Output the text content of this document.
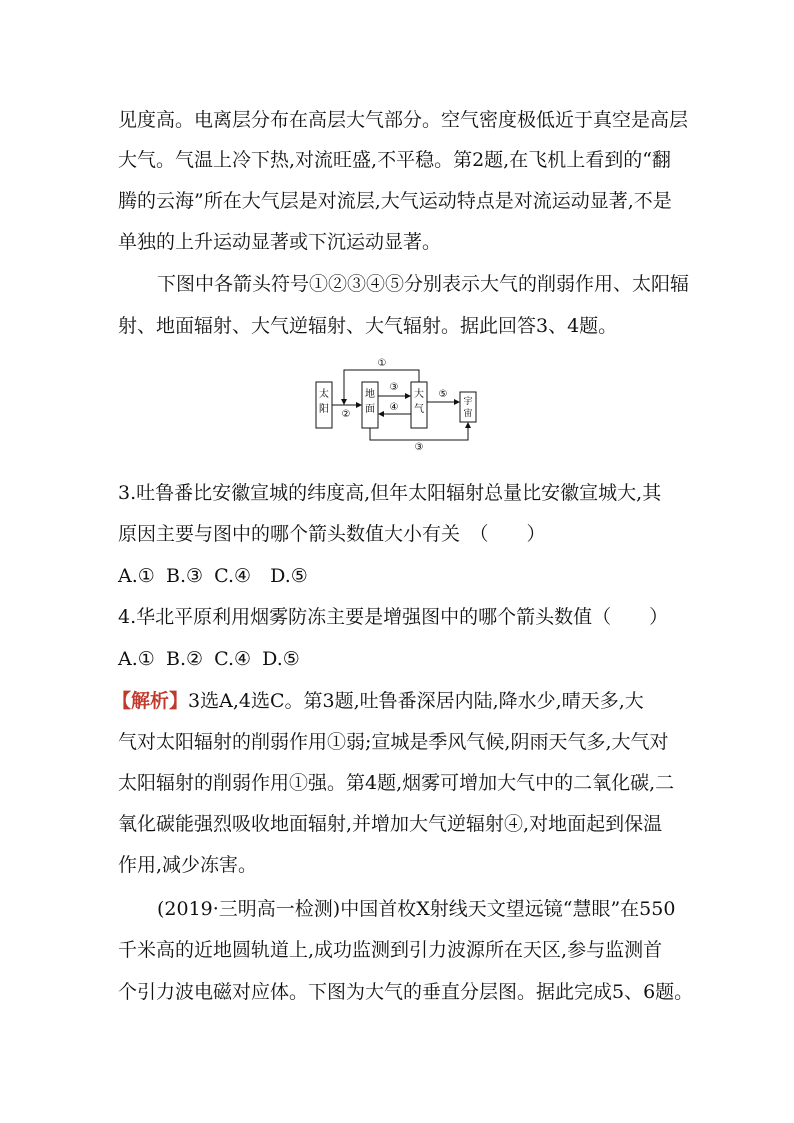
见度高。电离层分布在高层大气部分。空气密度极低近于真空是高层
大气。气温上冷下热,对流旺盛,不平稳。第2题,在飞机上看到的“翻
腾的云海”所在大气层是对流层,大气运动特点是对流运动显著,不是
单独的上升运动显著或下沉运动显著。
下图中各箭头符号①②③④⑤分别表示大气的削弱作用、太阳辐
射、地面辐射、大气逆辐射、大气辐射。据此回答3、4题。
太
阳
地
面
大
气
宇
宙
①
②
③
④
⑤
③
3.吐鲁番比安徽宣城的纬度高,但年太阳辐射总量比安徽宣城大,其
原因主要与图中的哪个箭头数值大小有关　（　　）
A.① B.③ C.④ D.⑤
4.华北平原利用烟雾防冻主要是增强图中的哪个箭头数值（　　）
A.① B.② C.④ D.⑤
【解析】3选A,4选C。第3题,吐鲁番深居内陆,降水少,晴天多,大
气对太阳辐射的削弱作用①弱;宣城是季风气候,阴雨天气多,大气对
太阳辐射的削弱作用①强。第4题,烟雾可增加大气中的二氧化碳,二
氧化碳能强烈吸收地面辐射,并增加大气逆辐射④,对地面起到保温
作用,减少冻害。
(2019·三明高一检测)中国首枚X射线天文望远镜“慧眼”在550
千米高的近地圆轨道上,成功监测到引力波源所在天区,参与监测首
个引力波电磁对应体。下图为大气的垂直分层图。据此完成5、6题。
